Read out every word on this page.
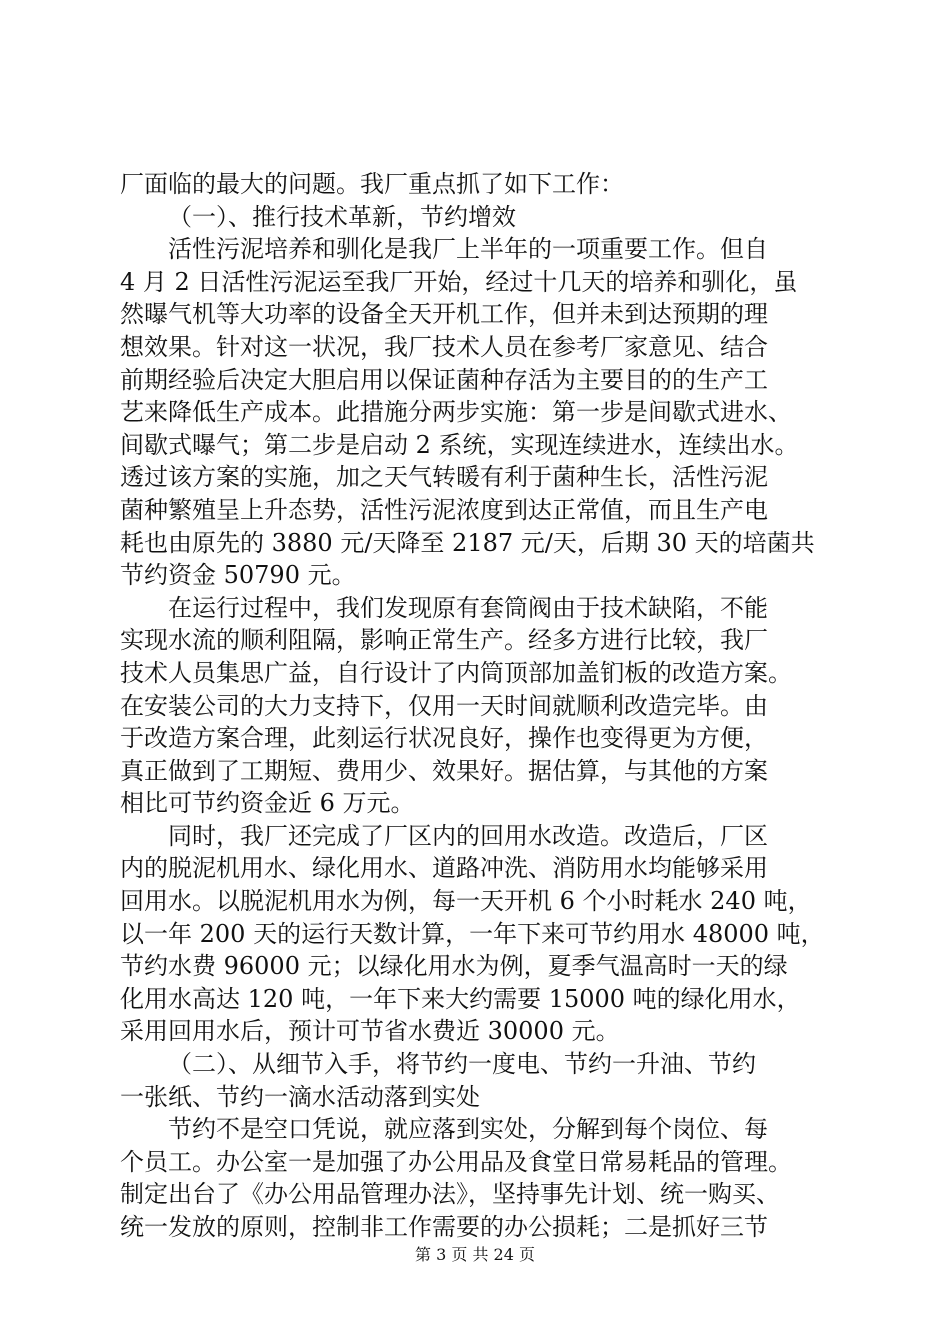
厂面临的最大的问题。我厂重点抓了如下工作：
（一）、推行技术革新，节约增效
活性污泥培养和驯化是我厂上半年的一项重要工作。但自
4 月 2 日活性污泥运至我厂开始，经过十几天的培养和驯化，虽
然曝气机等大功率的设备全天开机工作，但并未到达预期的理
想效果。针对这一状况，我厂技术人员在参考厂家意见、结合
前期经验后决定大胆启用以保证菌种存活为主要目的的生产工
艺来降低生产成本。此措施分两步实施：第一步是间歇式进水、
间歇式曝气；第二步是启动 2 系统，实现连续进水，连续出水。
透过该方案的实施，加之天气转暖有利于菌种生长，活性污泥
菌种繁殖呈上升态势，活性污泥浓度到达正常值，而且生产电
耗也由原先的 3880 元/天降至 2187 元/天，后期 30 天的培菌共
节约资金 50790 元。
在运行过程中，我们发现原有套筒阀由于技术缺陷，不能
实现水流的顺利阻隔，影响正常生产。经多方进行比较，我厂
技术人员集思广益，自行设计了内筒顶部加盖钔板的改造方案。
在安装公司的大力支持下，仅用一天时间就顺利改造完毕。由
于改造方案合理，此刻运行状况良好，操作也变得更为方便，
真正做到了工期短、费用少、效果好。据估算，与其他的方案
相比可节约资金近 6 万元。
同时，我厂还完成了厂区内的回用水改造。改造后，厂区
内的脱泥机用水、绿化用水、道路冲洗、消防用水均能够采用
回用水。以脱泥机用水为例，每一天开机 6 个小时耗水 240 吨，
以一年 200 天的运行天数计算，一年下来可节约用水 48000 吨，
节约水费 96000 元；以绿化用水为例，夏季气温高时一天的绿
化用水高达 120 吨，一年下来大约需要 15000 吨的绿化用水，
采用回用水后，预计可节省水费近 30000 元。
（二）、从细节入手，将节约一度电、节约一升油、节约
一张纸、节约一滴水活动落到实处
节约不是空口凭说，就应落到实处，分解到每个岗位、每
个员工。办公室一是加强了办公用品及食堂日常易耗品的管理。
制定出台了《办公用品管理办法》，坚持事先计划、统一购买、
统一发放的原则，控制非工作需要的办公损耗；二是抓好三节
第 3 页 共 24 页
